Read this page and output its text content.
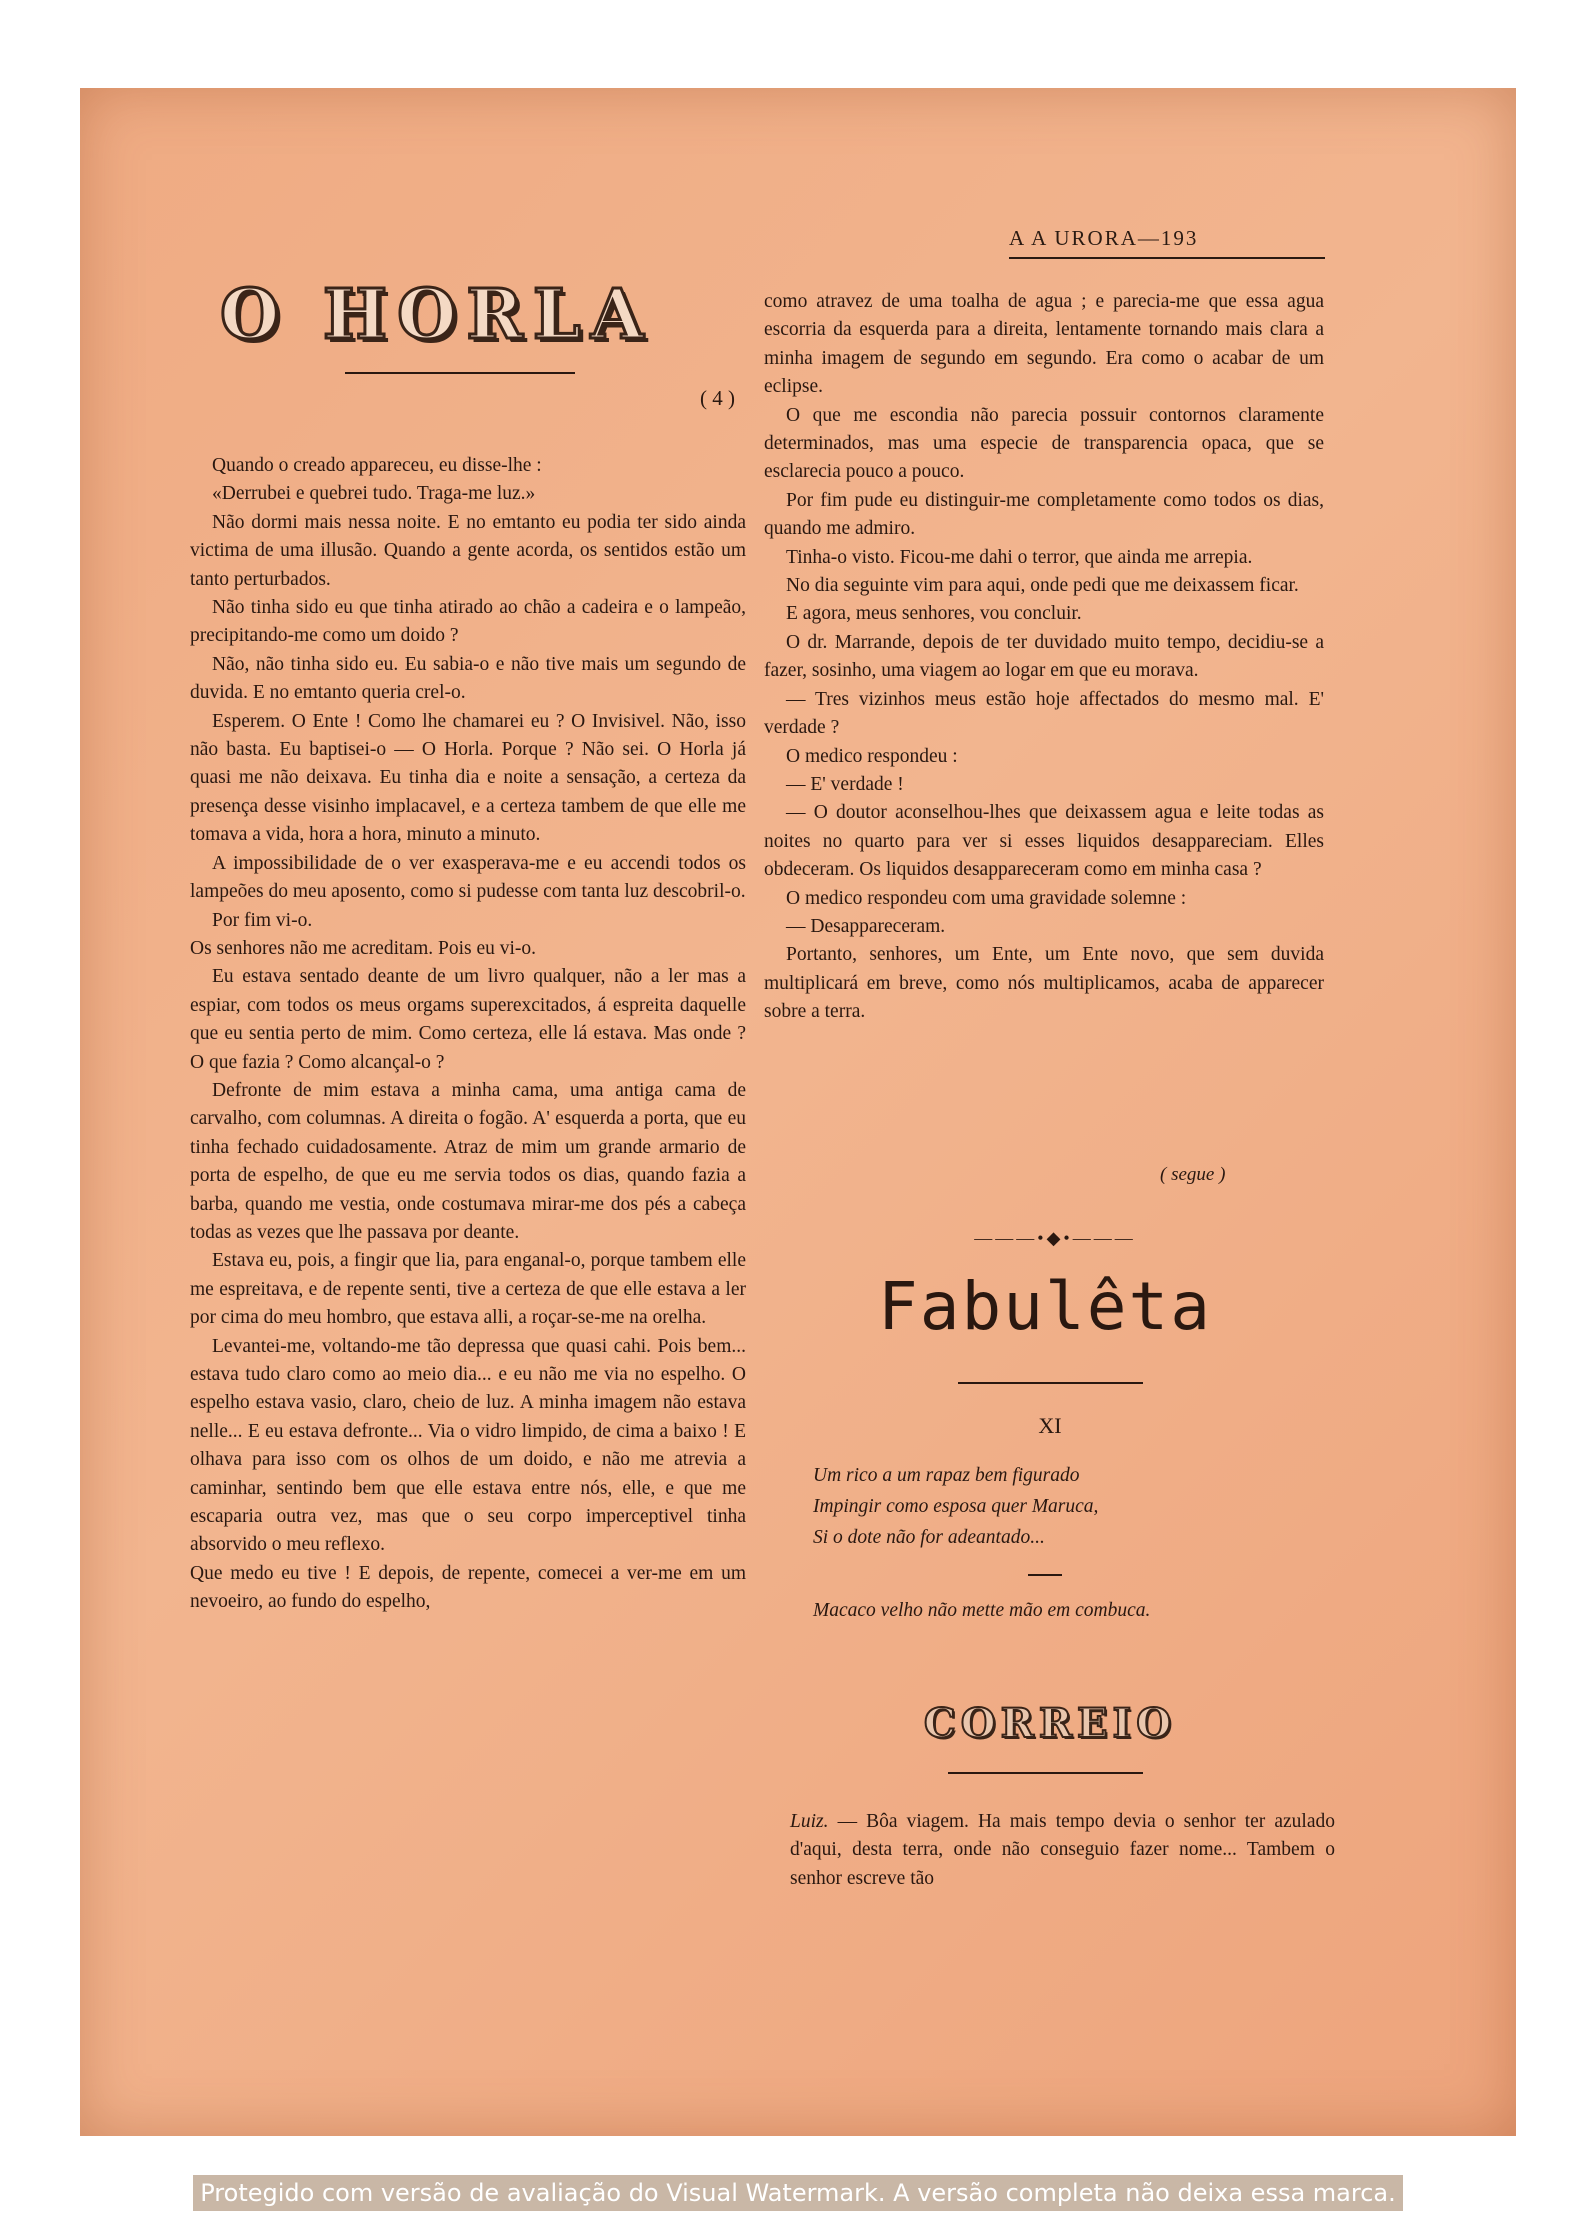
A A URORA—193
O HORLA
( 4 )

Quando o creado appareceu, eu disse-lhe :

«Derrubei e quebrei tudo. Traga-me luz.»

Não dormi mais nessa noite. E no emtanto eu podia ter sido ainda victima de uma illusão. Quando a gente acorda, os sentidos estão um tanto perturbados.

Não tinha sido eu que tinha atirado ao chão a cadeira e o lampeão, precipitando-me como um doido ?

Não, não tinha sido eu. Eu sabia-o e não tive mais um segundo de duvida. E no emtanto queria crel-o.

Esperem. O Ente ! Como lhe chamarei eu ? O Invisivel. Não, isso não basta. Eu baptisei-o — O Horla. Porque ? Não sei. O Horla já quasi me não deixava. Eu tinha dia e noite a sensação, a certeza da presença desse visinho implacavel, e a certeza tambem de que elle me tomava a vida, hora a hora, minuto a minuto.

A impossibilidade de o ver exasperava-me e eu accendi todos os lampeões do meu aposento, como si pudesse com tanta luz descobril-o.

Por fim vi-o.

Os senhores não me acreditam. Pois eu vi-o.

Eu estava sentado deante de um livro qualquer, não a ler mas a espiar, com todos os meus orgams superexcitados, á espreita daquelle que eu sentia perto de mim. Como certeza, elle lá estava. Mas onde ? O que fazia ? Como alcançal-o ?

Defronte de mim estava a minha cama, uma antiga cama de carvalho, com columnas. A direita o fogão. A' esquerda a porta, que eu tinha fechado cuidadosamente. Atraz de mim um grande armario de porta de espelho, de que eu me servia todos os dias, quando fazia a barba, quando me vestia, onde costumava mirar-me dos pés a cabeça todas as vezes que lhe passava por deante.

Estava eu, pois, a fingir que lia, para enganal-o, porque tambem elle me espreitava, e de repente senti, tive a certeza de que elle estava a ler por cima do meu hombro, que estava alli, a roçar-se-me na orelha.

Levantei-me, voltando-me tão depressa que quasi cahi. Pois bem... estava tudo claro como ao meio dia... e eu não me via no espelho. O espelho estava vasio, claro, cheio de luz. A minha imagem não estava nelle... E eu estava defronte... Via o vidro limpido, de cima a baixo ! E olhava para isso com os olhos de um doido, e não me atrevia a caminhar, sentindo bem que elle estava entre nós, elle, e que me escaparia outra vez, mas que o seu corpo imperceptivel tinha absorvido o meu reflexo.

Que medo eu tive ! E depois, de repente, comecei a ver-me em um nevoeiro, ao fundo do espelho,

como atravez de uma toalha de agua ; e parecia-me que essa agua escorria da esquerda para a direita, lentamente tornando mais clara a minha imagem de segundo em segundo. Era como o acabar de um eclipse.

O que me escondia não parecia possuir contornos claramente determinados, mas uma especie de transparencia opaca, que se esclarecia pouco a pouco.

Por fim pude eu distinguir-me completamente como todos os dias, quando me admiro.

Tinha-o visto. Ficou-me dahi o terror, que ainda me arrepia.

No dia seguinte vim para aqui, onde pedi que me deixassem ficar.

E agora, meus senhores, vou concluir.

O dr. Marrande, depois de ter duvidado muito tempo, decidiu-se a fazer, sosinho, uma viagem ao logar em que eu morava.

— Tres vizinhos meus estão hoje affectados do mesmo mal. E' verdade ?

O medico respondeu :

— E' verdade !

— O doutor aconselhou-lhes que deixassem agua e leite todas as noites no quarto para ver si esses liquidos desappareciam. Elles obdeceram. Os liquidos desappareceram como em minha casa ?

O medico respondeu com uma gravidade solemne :

— Desappareceram.

Portanto, senhores, um Ente, um Ente novo, que sem duvida multiplicará em breve, como nós multiplicamos, acaba de apparecer sobre a terra.

( segue )
———•◆•———
Fabulêta
XI
Um rico a um rapaz bem figurado
Impingir como esposa quer Maruca,
Si o dote não for adeantado...
Macaco velho não mette mão em combuca.
CORREIO

Luiz. — Bôa viagem. Ha mais tempo devia o senhor ter azulado d'aqui, desta terra, onde não conseguio fazer nome... Tambem o senhor escreve tão

Protegido com versão de avaliação do Visual Watermark. A versão completa não deixa essa marca.
